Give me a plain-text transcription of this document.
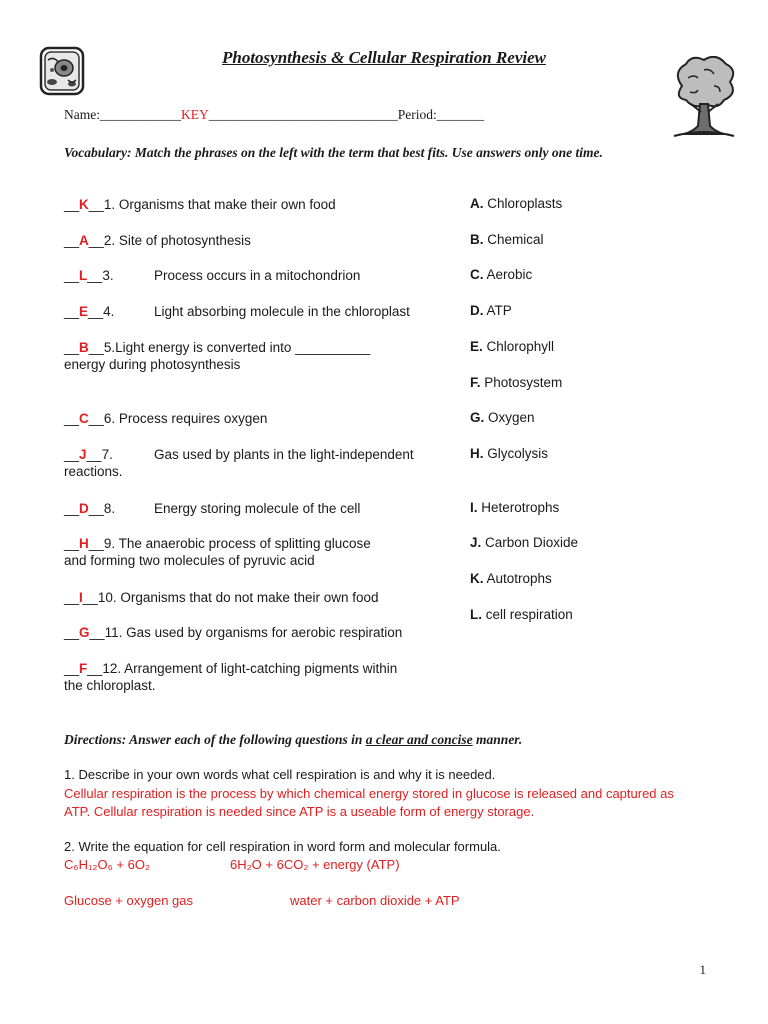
Photosynthesis & Cellular Respiration Review
Name:____________KEY____________________________Period:_______
Vocabulary: Match the phrases on the left with the term that best fits. Use answers only one time.
__K__1. Organisms that make their own food
__A__2. Site of photosynthesis
__L__3.	Process occurs in a mitochondrion
__E__4.	Light absorbing molecule in the chloroplast
__B__5.Light energy is converted into __________
energy during photosynthesis
__C__6. Process requires oxygen
__J__7.	Gas used by plants in the light-independent
reactions.
__D__8.	Energy storing molecule of the cell
__H__9. The anaerobic process of splitting glucose
and forming two molecules of pyruvic acid
__I__10. Organisms that do not make their own food
__G__11. Gas used by organisms for aerobic respiration
__F__12. Arrangement of light-catching pigments within
the chloroplast.
A. Chloroplasts
B. Chemical
C. Aerobic
D. ATP
E. Chlorophyll
F. Photosystem
G. Oxygen
H. Glycolysis
I. Heterotrophs
J. Carbon Dioxide
K. Autotrophs
L. cell respiration
Directions: Answer each of the following questions in a clear and concise manner.
1. Describe in your own words what cell respiration is and why it is needed.
Cellular respiration is the process by which chemical energy stored in glucose is released and captured as
ATP. Cellular respiration is needed since ATP is a useable form of energy storage.
2. Write the equation for cell respiration in word form and molecular formula.
C₆H₁₂O₆ + 6O₂	6H₂O + 6CO₂ + energy (ATP)
Glucose + oxygen gas	water + carbon dioxide + ATP
1
